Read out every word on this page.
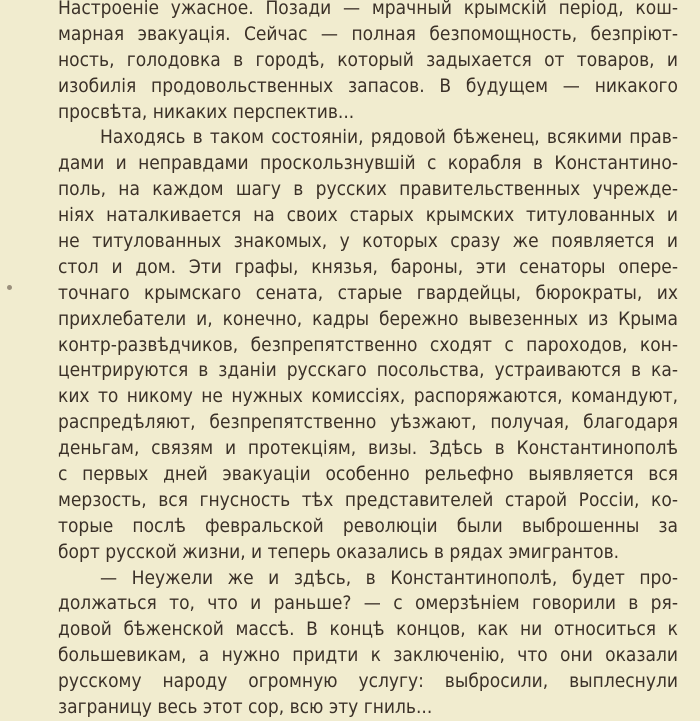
Настроеніе ужасное. Позади — мрачный крымскій період, кош-
марная эвакуація. Сейчас — полная безпомощность, безпріют-
ность, голодовка в городѣ, который задыхается от товаров, и
изобилія продовольственных запасов. В будущем — никакого
просвѣта, никаких перспектив...
Находясь в таком состояніи, рядовой бѣженец, всякими прав-
дами и неправдами проскользнувшій с корабля в Константино-
поль, на каждом шагу в русских правительственных учрежде-
ніях наталкивается на своих старых крымских титулованных и
не титулованных знакомых, у которых сразу же появляется и
стол и дом. Эти графы, князья, бароны, эти сенаторы опере-
точнаго крымскаго сената, старые гвардейцы, бюрократы, их
прихлебатели и, конечно, кадры бережно вывезенных из Крыма
контр-развѣдчиков, безпрепятственно сходят с пароходов, кон-
центрируются в зданіи русскаго посольства, устраиваются в ка-
ких то никому не нужных комиссіях, распоряжаются, командуют,
распредѣляют, безпрепятственно уѣзжают, получая, благодаря
деньгам, связям и протекціям, визы. Здѣсь в Константинополѣ
с первых дней эвакуаціи особенно рельефно выявляется вся
мерзость, вся гнусность тѣх представителей старой Россіи, ко-
торые послѣ февральской революціи были выброшенны за
борт русской жизни, и теперь оказались в рядах эмигрантов.
— Неужели же и здѣсь, в Константинополѣ, будет про-
должаться то, что и раньше? — с омерзѣніем говорили в ря-
довой бѣженской массѣ. В концѣ концов, как ни относиться к
большевикам, а нужно придти к заключенію, что они оказали
русскому народу огромную услугу: выбросили, выплеснули
заграницу весь этот сор, всю эту гниль...
